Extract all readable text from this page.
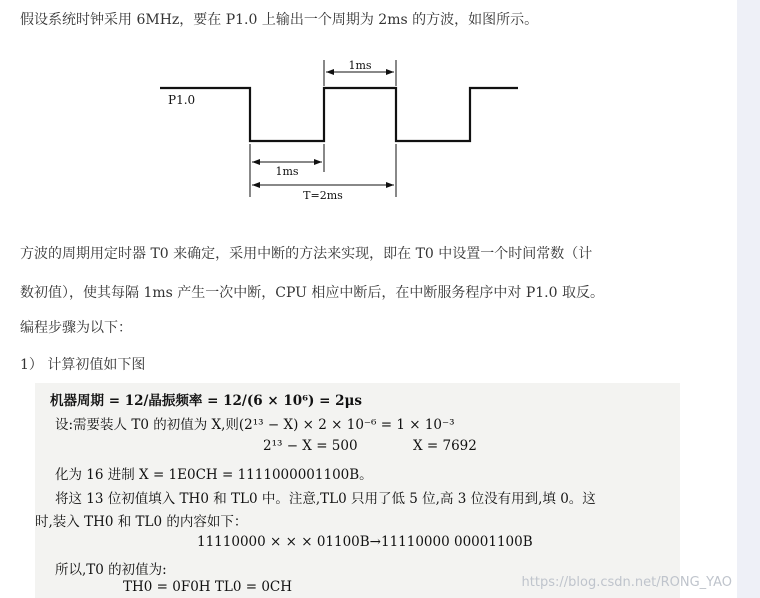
假设系统时钟采用 6MHz，要在 P1.0 上输出一个周期为 2ms 的方波，如图所示。
P1.0
1ms
1ms
T=2ms
方波的周期用定时器 T0 来确定，采用中断的方法来实现，即在 T0 中设置一个时间常数（计
数初值），使其每隔 1ms 产生一次中断，CPU 相应中断后，在中断服务程序中对 P1.0 取反。
编程步骤为以下：
1） 计算初值如下图
机器周期 = 12/晶振频率 = 12/(6 × 10⁶) = 2μs
设:需要装人 T0 的初值为 X,则(2¹³ − X) × 2 × 10⁻⁶ = 1 × 10⁻³
2¹³ − X = 500	X = 7692
化为 16 进制 X = 1E0CH = 1111000001100B。
将这 13 位初值填入 TH0 和 TL0 中。注意,TL0 只用了低 5 位,高 3 位没有用到,填 0。这
时,装入 TH0 和 TL0 的内容如下：
11110000 × × × 01100B→11110000 00001100B
所以,T0 的初值为:
TH0 = 0F0H TL0 = 0CH	https://blog.csdn.net/RONG_YAO
